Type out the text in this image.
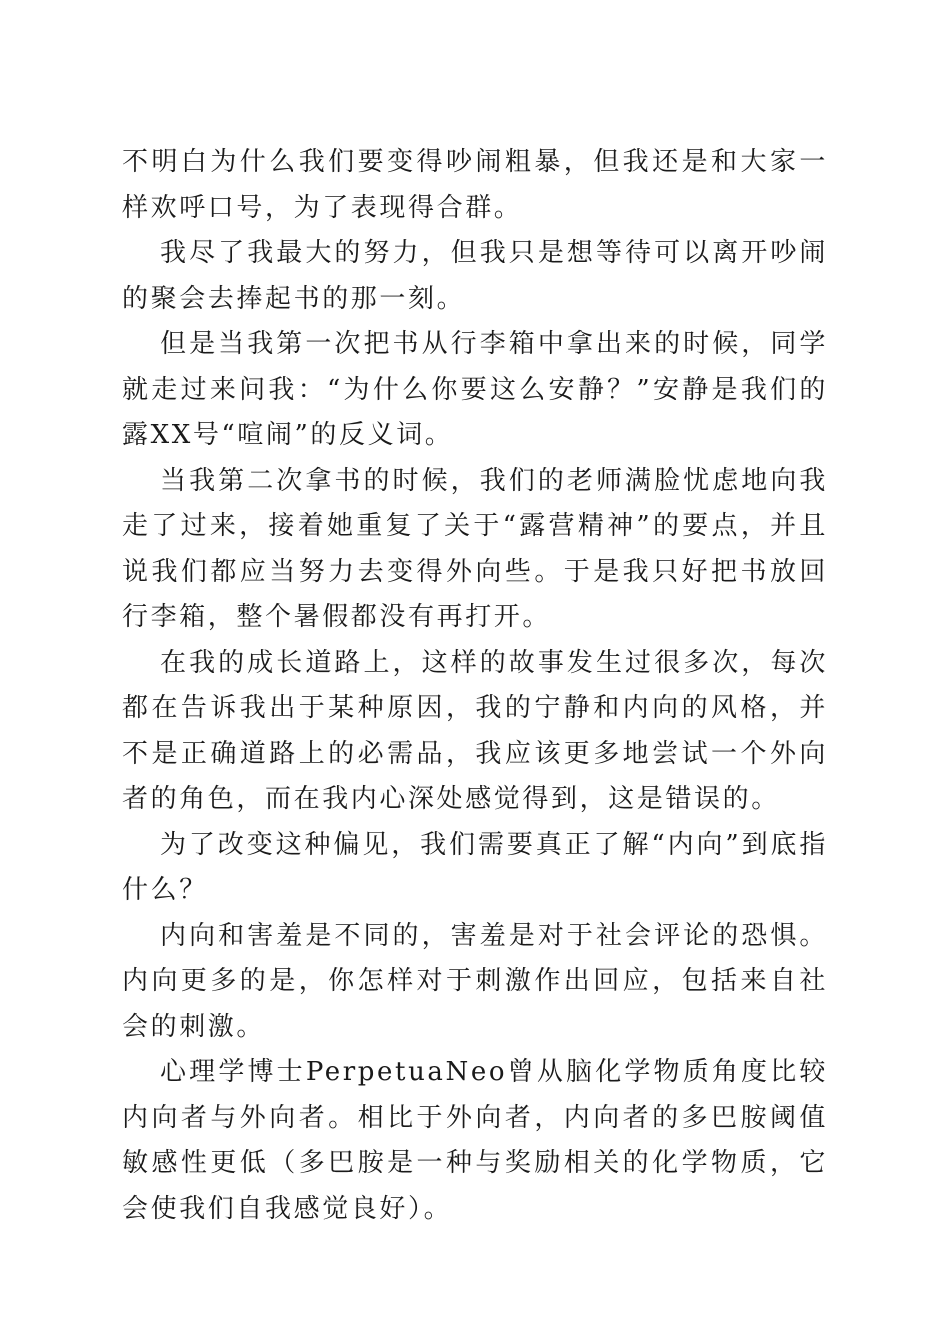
不明白为什么我们要变得吵闹粗暴，但我还是和大家一样欢呼口号，为了表现得合群。

我尽了我最大的努力，但我只是想等待可以离开吵闹的聚会去捧起书的那一刻。

但是当我第一次把书从行李箱中拿出来的时候，同学就走过来问我：“为什么你要这么安静？”安静是我们的露XX号“喧闹”的反义词。

当我第二次拿书的时候，我们的老师满脸忧虑地向我走了过来，接着她重复了关于“露营精神”的要点，并且说我们都应当努力去变得外向些。于是我只好把书放回行李箱，整个暑假都没有再打开。

在我的成长道路上，这样的故事发生过很多次，每次都在告诉我出于某种原因，我的宁静和内向的风格，并不是正确道路上的必需品，我应该更多地尝试一个外向者的角色，而在我内心深处感觉得到，这是错误的。

为了改变这种偏见，我们需要真正了解“内向”到底指什么？

内向和害羞是不同的，害羞是对于社会评论的恐惧。内向更多的是，你怎样对于刺激作出回应，包括来自社会的刺激。

心理学博士PerpetuaNeo曾从脑化学物质角度比较内向者与外向者。相比于外向者，内向者的多巴胺阈值敏感性更低（多巴胺是一种与奖励相关的化学物质，它会使我们自我感觉良好）。
